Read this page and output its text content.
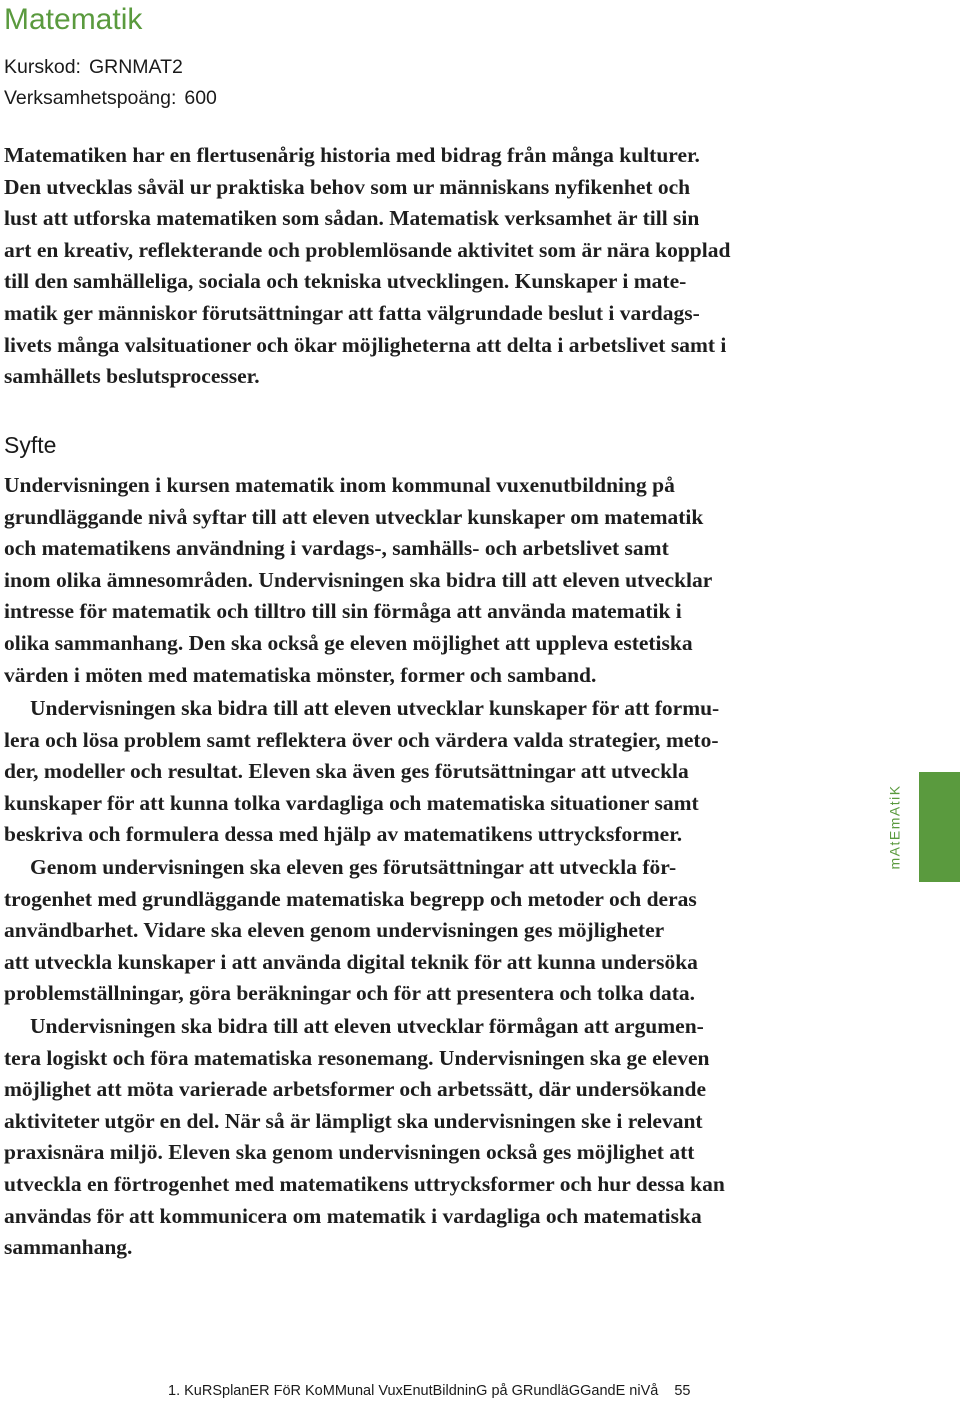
Matematik
Kurskod: GRNMAT2
Verksamhetspoäng: 600
Matematiken har en flertusenårig historia med bidrag från många kulturer.
Den utvecklas såväl ur praktiska behov som ur människans nyfikenhet och
lust att utforska matematiken som sådan. Matematisk verksamhet är till sin
art en kreativ, reflekterande och problemlösande aktivitet som är nära kopplad
till den samhälleliga, sociala och tekniska utvecklingen. Kunskaper i mate-
matik ger människor förutsättningar att fatta välgrundade beslut i vardags-
livets många valsituationer och ökar möjligheterna att delta i arbetslivet samt i
samhällets beslutsprocesser.
Syfte
Undervisningen i kursen matematik inom kommunal vuxenutbildning på
grundläggande nivå syftar till att eleven utvecklar kunskaper om matematik
och matematikens användning i vardags-, samhälls- och arbetslivet samt
inom olika ämnesområden. Undervisningen ska bidra till att eleven utvecklar
intresse för matematik och tilltro till sin förmåga att använda matematik i
olika sammanhang. Den ska också ge eleven möjlighet att uppleva estetiska
värden i möten med matematiska mönster, former och samband.
Undervisningen ska bidra till att eleven utvecklar kunskaper för att formu-
lera och lösa problem samt reflektera över och värdera valda strategier, meto-
der, modeller och resultat. Eleven ska även ges förutsättningar att utveckla
kunskaper för att kunna tolka vardagliga och matematiska situationer samt
beskriva och formulera dessa med hjälp av matematikens uttrycksformer.
Genom undervisningen ska eleven ges förutsättningar att utveckla för-
trogenhet med grundläggande matematiska begrepp och metoder och deras
användbarhet. Vidare ska eleven genom undervisningen ges möjligheter
att utveckla kunskaper i att använda digital teknik för att kunna undersöka
problemställningar, göra beräkningar och för att presentera och tolka data.
Undervisningen ska bidra till att eleven utvecklar förmågan att argumen-
tera logiskt och föra matematiska resonemang. Undervisningen ska ge eleven
möjlighet att möta varierade arbetsformer och arbetssätt, där undersökande
aktiviteter utgör en del. När så är lämpligt ska undervisningen ske i relevant
praxisnära miljö. Eleven ska genom undervisningen också ges möjlighet att
utveckla en förtrogenhet med matematikens uttrycksformer och hur dessa kan
användas för att kommunicera om matematik i vardagliga och matematiska
sammanhang.
mAtEmAtiK
1. KuRSplanER FöR KoMMunal VuxEnutBildninG på GRundläGGandE niVå 55
